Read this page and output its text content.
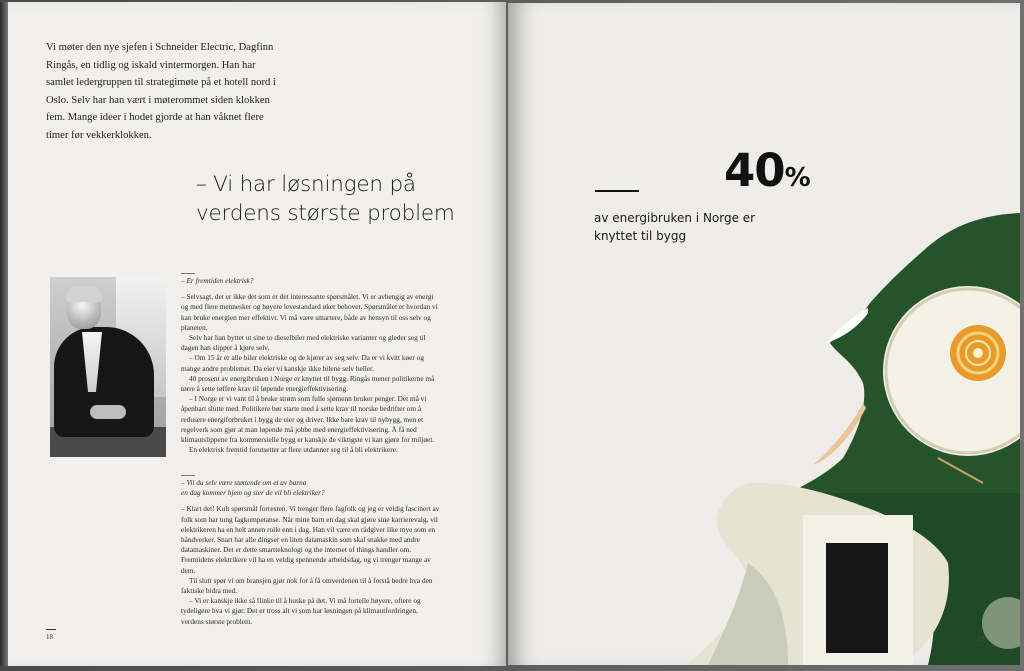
Vi møter den nye sjefen i Schneider Electric, Dagfinn Ringås, en tidlig og iskald vintermorgen. Han har samlet ledergruppen til strategimøte på et hotell nord i Oslo. Selv har han vært i møterommet siden klokken fem. Mange ideer i hodet gjorde at han våknet flere timer før vekkerklokken.

– Vi har løsningen på
verdens største problem

– Er fremtiden elektrisk?

– Selvsagt, det er ikke det som er det interessante spørsmålet. Vi er avhengig av energi og med flere mennesker og høyere levestandard øker behovet. Spørsmålet er hvordan vi kan bruke energien mer effektivt. Vi må være smartere, både av hensyn til oss selv og planeten.

Selv har han byttet ut sine to dieselbiler med elektriske varianter og gleder seg til dagen han slipper å kjøre selv.

– Om 15 år er alle biler elektriske og de kjører av seg selv. Da er vi kvitt køer og mange andre problemer. Da eier vi kanskje ikke bilene selv heller.

40 prosent av energibruken i Norge er knyttet til bygg. Ringås mener politikerne må tørre å sette tøffere krav til løpende energieffektivisering.

– I Norge er vi vant til å bruke strøm som fulle sjømenn bruker penger. Det må vi åpenbart slutte med. Politikere bør starte med å sette krav til norske bedrifter om å redusere energiforbruket i bygg de eier og driver. Ikke bare krav til nybygg, men et regelverk som gjør at man løpende må jobbe med energieffektivisering. Å få ned klimautslippene fra kommersielle bygg er kanskje de viktigste vi kan gjøre for miljøet.

En elektrisk fremtid forutsetter at flere utdanner seg til å bli elektrikere.

– Vil du selv være støttende om et av barna

en dag kommer hjem og sier de vil bli elektriker?

– Klart det! Kult spørsmål forresten. Vi trenger flere fagfolk og jeg er veldig fascinert av folk som har tung fagkompetanse. Når mine barn en dag skal gjøre sine karrierevalg, vil elektrikeren ha en helt annen rolle enn i dag. Han vil være en rådgiver like mye som en håndverker. Snart har alle dingser en liten datamaskin som skal snakke med andre datamaskiner. Det er dette smartteknologi og the internet of things handler om. Fremtidens elektrikere vil ha en veldig spennende arbeidsdag, og vi trenger mange av dem.

Til slutt spør vi om bransjen gjør nok for å få omverdenen til å forstå bedre hva den faktiske bidra med.

– Vi er kanskje ikke så flinke til å huske på det. Vi må fortelle høyere, oftere og tydeligere hva vi gjør. Det er tross alt vi som har løsningen på klimautfordringen, verdens største problem.

18
40%
av energibruken i Norge er
knyttet til bygg
19
